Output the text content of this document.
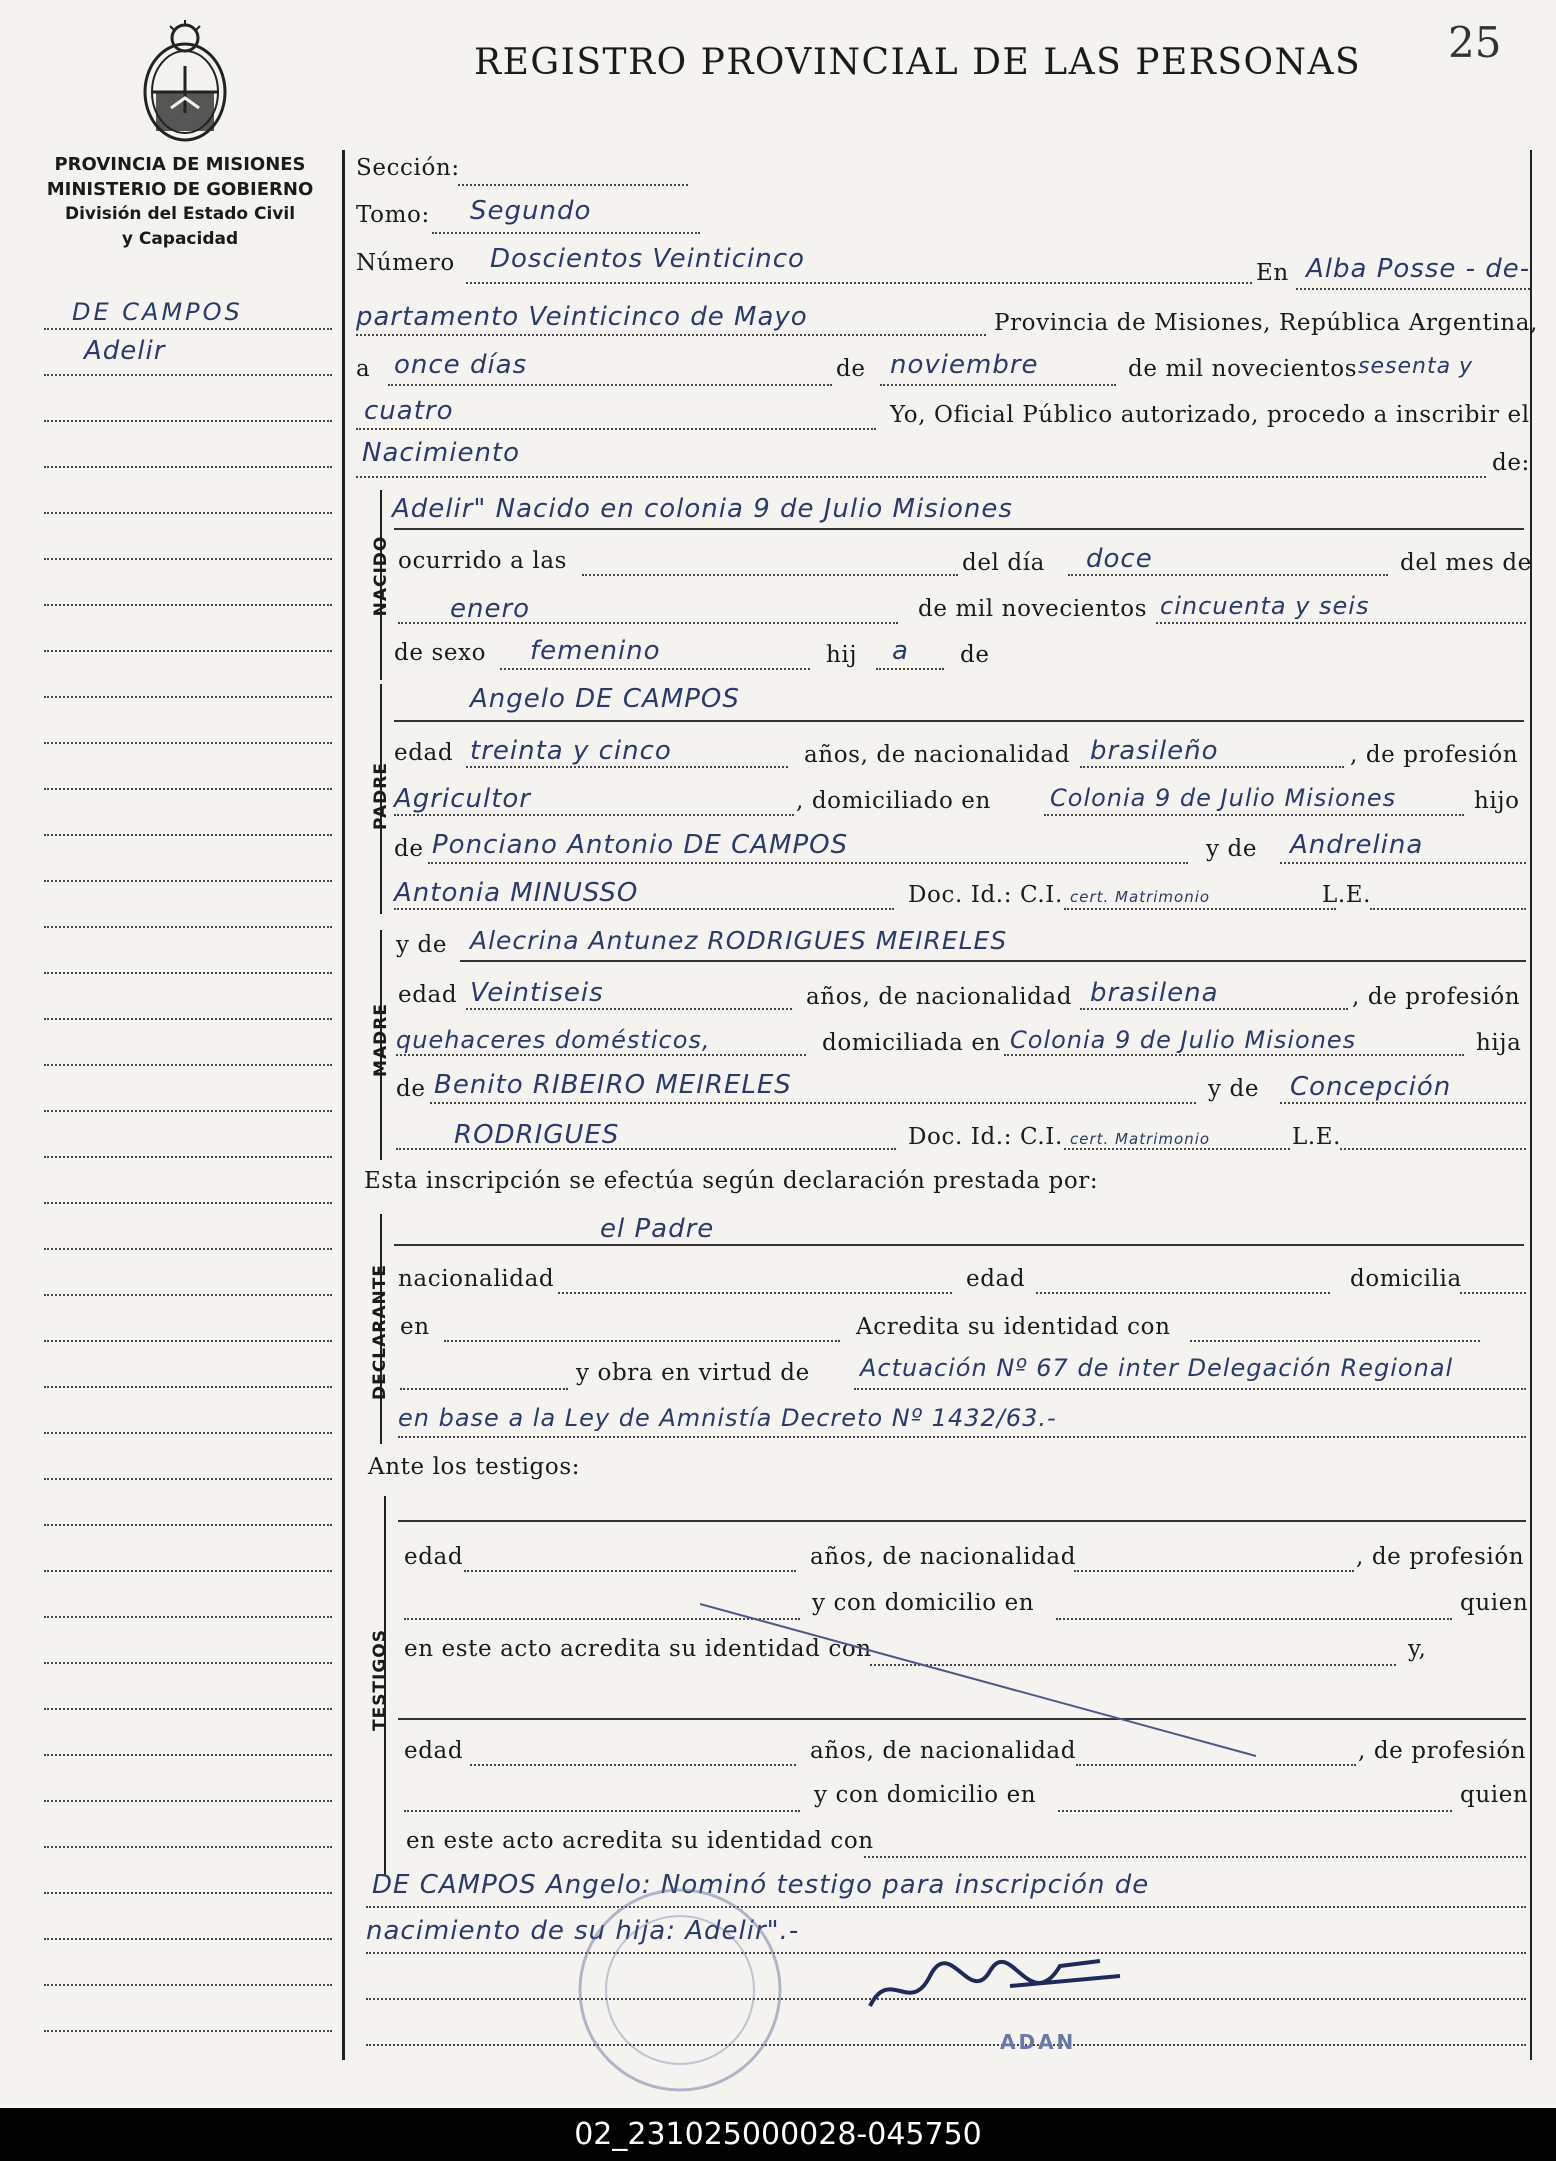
PROVINCIA DE MISIONES
MINISTERIO DE GOBIERNO
División del Estado Civil
y Capacidad
REGISTRO PROVINCIAL DE LAS PERSONAS 25
DE CAMPOS
Adelir
Sección:
Tomo: Segundo
Número Doscientos Veinticinco	En Alba Posse - de-
partamento Veinticinco de Mayo	Provincia de Misiones, República Argentina,
a once días	de noviembre	de mil novecientos sesenta y
cuatro	Yo, Oficial Público autorizado, procedo a inscribir el
Nacimiento	de:
NACIDO
Adelir" Nacido en colonia 9 de Julio Misiones
ocurrido a las	del día doce	del mes de
enero	de mil novecientos cincuenta y seis
de sexo femenino	hij a de
PADRE
Angelo DE CAMPOS
edad treinta y cinco	años, de nacionalidad brasileño	, de profesión
Agricultor	, domiciliado en Colonia 9 de Julio Misiones	hijo
de Ponciano Antonio DE CAMPOS	y de Andrelina
Antonia MINUSSO	Doc. Id.: C.I. cert. Matrimonio	L.E.
MADRE
y de Alecrina Antunez RODRIGUES MEIRELES
edad Veintiseis	años, de nacionalidad brasilena	, de profesión
quehaceres domésticos,	domiciliada en Colonia 9 de Julio Misiones	hija
de Benito RIBEIRO MEIRELES	y de Concepción
RODRIGUES	Doc. Id.: C.I. cert. Matrimonio	L.E.
Esta inscripción se efectúa según declaración prestada por:
DECLARANTE
el Padre
nacionalidad	edad	domicilia
en	Acredita su identidad con
y obra en virtud de Actuación Nº 67 de inter Delegación Regional
en base a la Ley de Amnistía Decreto Nº 1432/63.-
Ante los testigos:
TESTIGOS
edad	años, de nacionalidad	, de profesión
y con domicilio en	quien
en este acto acredita su identidad con	y,
edad	años, de nacionalidad	, de profesión
y con domicilio en	quien
en este acto acredita su identidad con
DE CAMPOS Angelo: Nominó testigo para inscripción de
nacimiento de su hija: Adelir".-
ADAN
02_231025000028-045750
